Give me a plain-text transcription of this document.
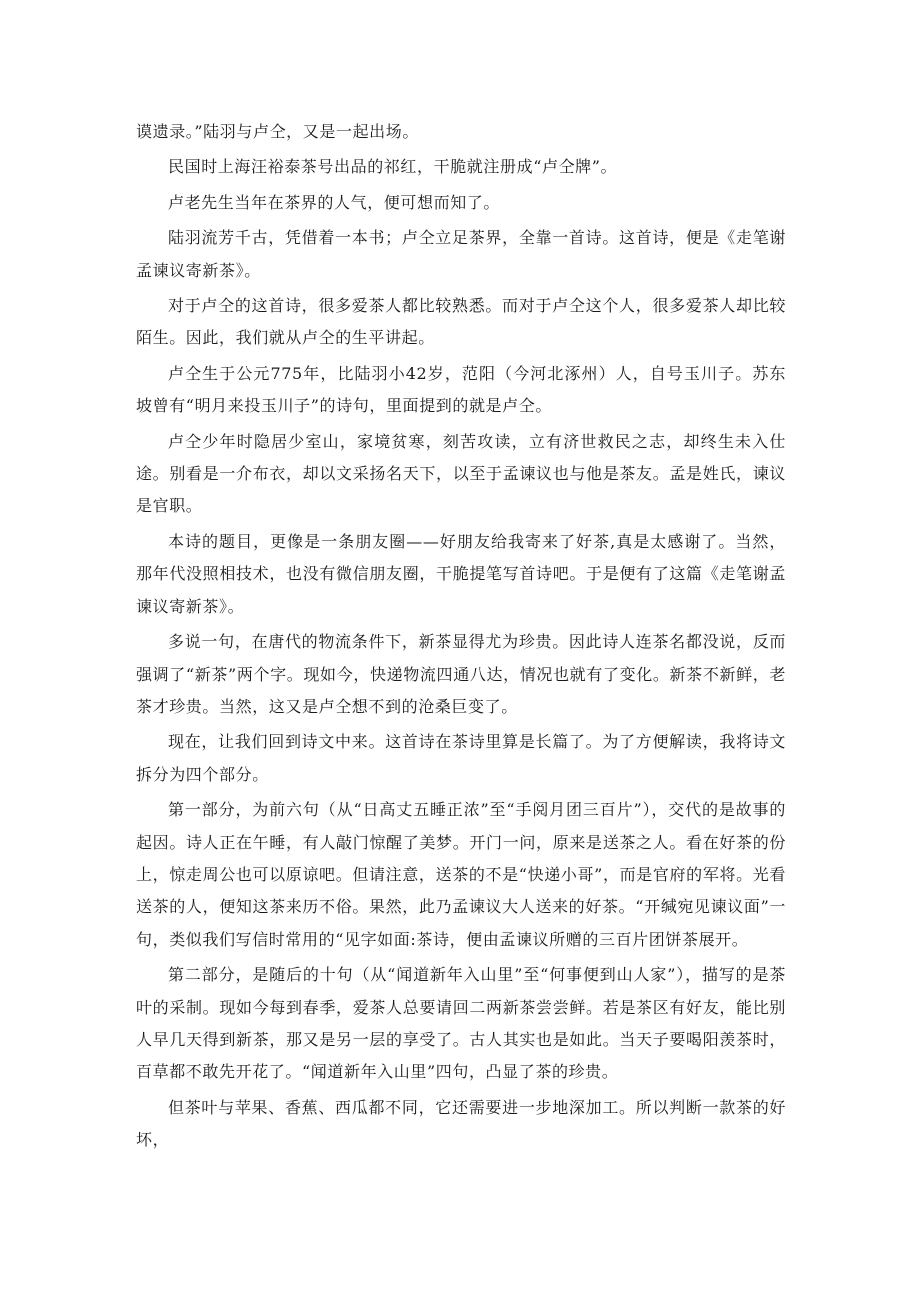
谟遗录。”陆羽与卢仝，又是一起出场。

民国时上海汪裕泰茶号出品的祁红，干脆就注册成“卢仝牌”。

卢老先生当年在茶界的人气，便可想而知了。

陆羽流芳千古，凭借着一本书；卢仝立足茶界，全靠一首诗。这首诗，便是《走笔谢孟谏议寄新茶》。

对于卢仝的这首诗，很多爱茶人都比较熟悉。而对于卢仝这个人，很多爱茶人却比较陌生。因此，我们就从卢仝的生平讲起。

卢仝生于公元775年，比陆羽小42岁，范阳（今河北涿州）人，自号玉川子。苏东坡曾有“明月来投玉川子”的诗句，里面提到的就是卢仝。

卢仝少年时隐居少室山，家境贫寒，刻苦攻读，立有济世救民之志，却终生未入仕途。别看是一介布衣，却以文采扬名天下，以至于孟谏议也与他是茶友。孟是姓氏，谏议是官职。

本诗的题目，更像是一条朋友圈——好朋友给我寄来了好茶,真是太感谢了。当然，那年代没照相技术，也没有微信朋友圈，干脆提笔写首诗吧。于是便有了这篇《走笔谢孟谏议寄新茶》。

多说一句，在唐代的物流条件下，新茶显得尤为珍贵。因此诗人连茶名都没说，反而强调了“新茶”两个字。现如今，快递物流四通八达，情况也就有了变化。新茶不新鲜，老茶才珍贵。当然，这又是卢仝想不到的沧桑巨变了。

现在，让我们回到诗文中来。这首诗在茶诗里算是长篇了。为了方便解读，我将诗文拆分为四个部分。

第一部分，为前六句（从“日高丈五睡正浓”至“手阅月团三百片”），交代的是故事的起因。诗人正在午睡，有人敲门惊醒了美梦。开门一问，原来是送茶之人。看在好茶的份上，惊走周公也可以原谅吧。但请注意，送茶的不是“快递小哥”，而是官府的军将。光看送茶的人，便知这茶来历不俗。果然，此乃孟谏议大人送来的好茶。“开缄宛见谏议面”一句，类似我们写信时常用的“见字如面:茶诗，便由孟谏议所赠的三百片团饼茶展开。

第二部分，是随后的十句（从“闻道新年入山里”至“何事便到山人家”），描写的是茶叶的采制。现如今每到春季，爱茶人总要请回二两新茶尝尝鲜。若是茶区有好友，能比别人早几天得到新茶，那又是另一层的享受了。古人其实也是如此。当天子要喝阳羡茶时，百草都不敢先开花了。“闻道新年入山里”四句，凸显了茶的珍贵。

但茶叶与苹果、香蕉、西瓜都不同，它还需要进一步地深加工。所以判断一款茶的好坏，
